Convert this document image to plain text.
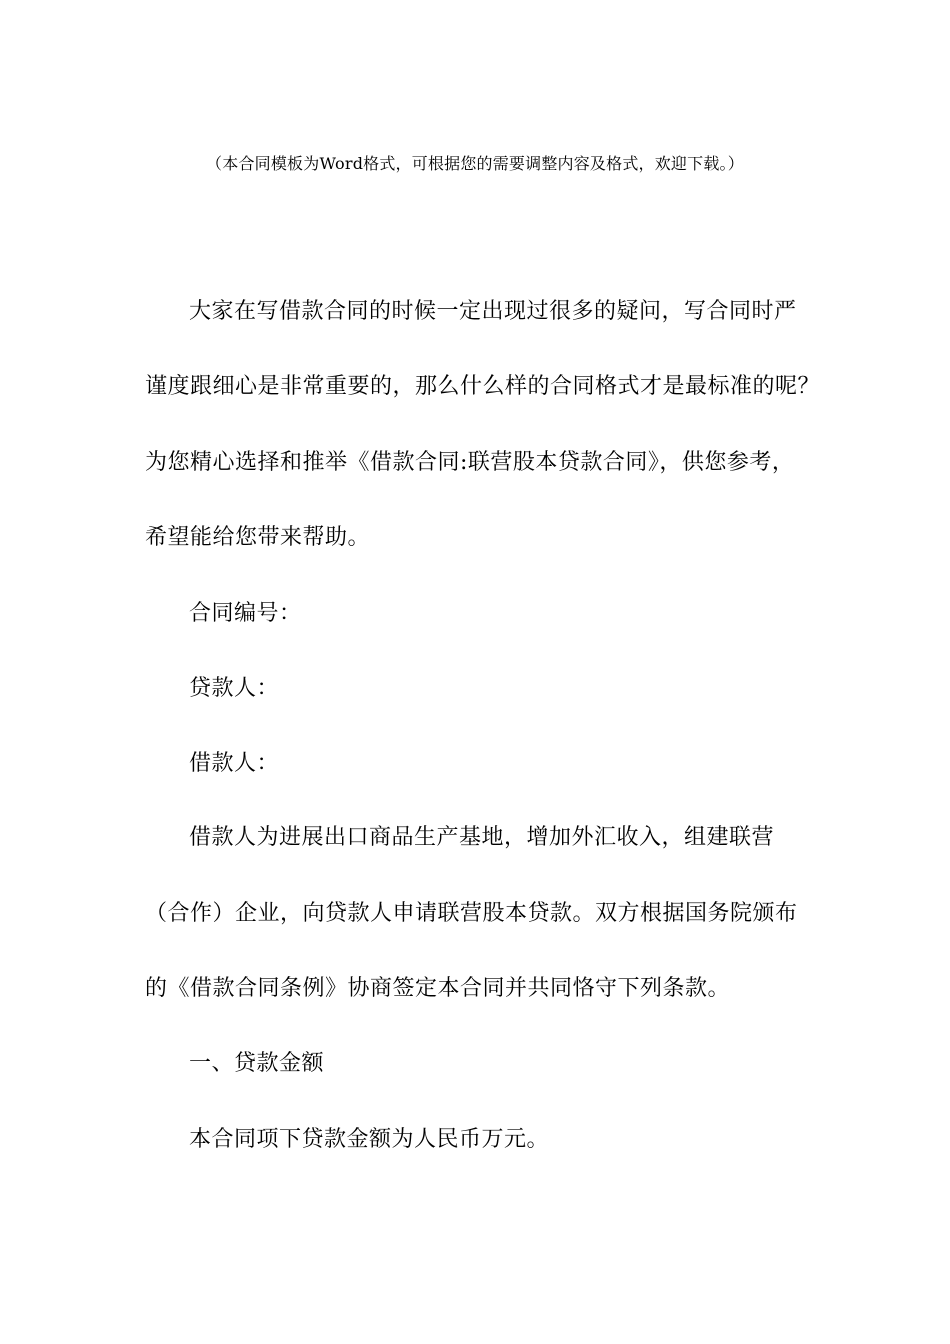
（本合同模板为Word格式，可根据您的需要调整内容及格式，欢迎下载。）
大家在写借款合同的时候一定出现过很多的疑问，写合同时严
谨度跟细心是非常重要的，那么什么样的合同格式才是最标准的呢？
为您精心选择和推举《借款合同:联营股本贷款合同》，供您参考，
希望能给您带来帮助。
合同编号：
贷款人：
借款人：
借款人为进展出口商品生产基地，增加外汇收入，组建联营
（合作）企业，向贷款人申请联营股本贷款。双方根据国务院颁布
的《借款合同条例》协商签定本合同并共同恪守下列条款。
一、贷款金额
本合同项下贷款金额为人民币万元。
